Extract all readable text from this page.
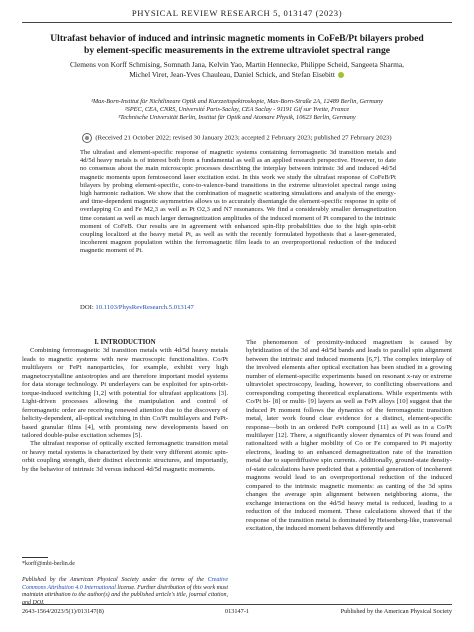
PHYSICAL REVIEW RESEARCH 5, 013147 (2023)
Ultrafast behavior of induced and intrinsic magnetic moments in CoFeB/Pt bilayers probed
by element-specific measurements in the extreme ultraviolet spectral range
Clemens von Korff Schmising, Somnath Jana, Kelvin Yao, Martin Hennecke, Philippe Scheid, Sangeeta Sharma,
Michel Viret, Jean-Yves Chauleau, Daniel Schick, and Stefan Eisebitt

¹Max-Born-Institut für Nichtlineare Optik and Kurzzeitspektroskopie, Max-Born-Straße 2A, 12489 Berlin, Germany

²SPEC, CEA, CNRS, Université Paris-Saclay, CEA Saclay - 91191 Gif sur Yvette, France

³Technische Universität Berlin, Institut für Optik und Atomare Physik, 10623 Berlin, Germany

(Received 21 October 2022; revised 30 January 2023; accepted 2 February 2023; published 27 February 2023)

The ultrafast and element-specific response of magnetic systems containing ferromagnetic 3d transition metals and 4d/5d heavy metals is of interest both from a fundamental as well as an applied research perspective. However, to date no consensus about the main microscopic processes describing the interplay between intrinsic 3d and induced 4d/5d magnetic moments upon femtosecond laser excitation exist. In this work we study the ultrafast response of CoFeB/Pt bilayers by probing element-specific, core-to-valence-band transitions in the extreme ultraviolet spectral range using high harmonic radiation. We show that the combination of magnetic scattering simulations and analysis of the energy- and time-dependent magnetic asymmetries allows us to accurately disentangle the element-specific response in spite of overlapping Co and Fe M2,3 as well as Pt O2,3 and N7 resonances. We find a considerably smaller demagnetization time constant as well as much larger demagnetization amplitudes of the induced moment of Pt compared to the intrinsic moment of CoFeB. Our results are in agreement with enhanced spin-flip probabilities due to the high spin-orbit coupling localized at the heavy metal Pt, as well as with the recently formulated hypothesis that a laser-generated, incoherent magnon population within the ferromagnetic film leads to an overproportional reduction of the induced magnetic moment of Pt.

DOI: 10.1103/PhysRevResearch.5.013147

I. INTRODUCTION

Combining ferromagnetic 3d transition metals with 4d/5d heavy metals leads to magnetic systems with new macroscopic functionalities. Co/Pt multilayers or FePt nanoparticles, for example, exhibit very high magnetocrystalline anisotropies and are therefore important model systems for data storage technology. Pt underlayers can be exploited for spin-orbit-torque-induced switching [1,2] with potential for ultrafast applications [3]. Light-driven processes allowing the manipulation and control of ferromagnetic order are receiving renewed attention due to the discovery of helicity-dependent, all-optical switching in thin Co/Pt multilayers and FePt-based granular films [4], with promising new developments based on tailored double-pulse excitation schemes [5].

The ultrafast response of optically excited ferromagnetic transition metal or heavy metal systems is characterized by their very different atomic spin-orbit coupling strength, their distinct electronic structures, and importantly, by the behavior of intrinsic 3d versus induced 4d/5d magnetic moments.

The phenomenon of proximity-induced magnetism is caused by hybridization of the 3d and 4d/5d bands and leads to parallel spin alignment between the intrinsic and induced moments [6,7]. The complex interplay of the involved elements after optical excitation has been studied in a growing number of element-specific experiments based on resonant x-ray or extreme ultraviolet spectroscopy, leading, however, to conflicting observations and corresponding competing theoretical explanations. While experiments with Co/Pt bi- [8] or multi- [9] layers as well as FePt alloys [10] suggest that the induced Pt moment follows the dynamics of the ferromagnetic transition metal, later work found clear evidence for a distinct, element-specific response—both in an ordered FePt compound [11] as well as in a Co/Pt multilayer [12]. There, a significantly slower dynamics of Pt was found and rationalized with a higher mobility of Co or Fe compared to Pt majority electrons, leading to an enhanced demagnetization rate of the transition metal due to superdiffusive spin currents. Additionally, ground-state density-of-state calculations have predicted that a potential generation of incoherent magnons would lead to an overproportional reduction of the induced compared to the intrinsic magnetic moments: as canting of the 3d spins changes the average spin alignment between neighboring atoms, the exchange interactions on the 4d/5d heavy metal is reduced, leading to a reduction of the induced moment. These calculations showed that if the response of the transition metal is dominated by Heisenberg-like, transversal excitation, the induced moment behaves differently and

*korff@mbi-berlin.de
Published by the American Physical Society under the terms of the Creative Commons Attribution 4.0 International license. Further distribution of this work must maintain attribution to the author(s) and the published article's title, journal citation, and DOI.
2643-1564/2023/5(1)/013147(8)	013147-1	Published by the American Physical Society
